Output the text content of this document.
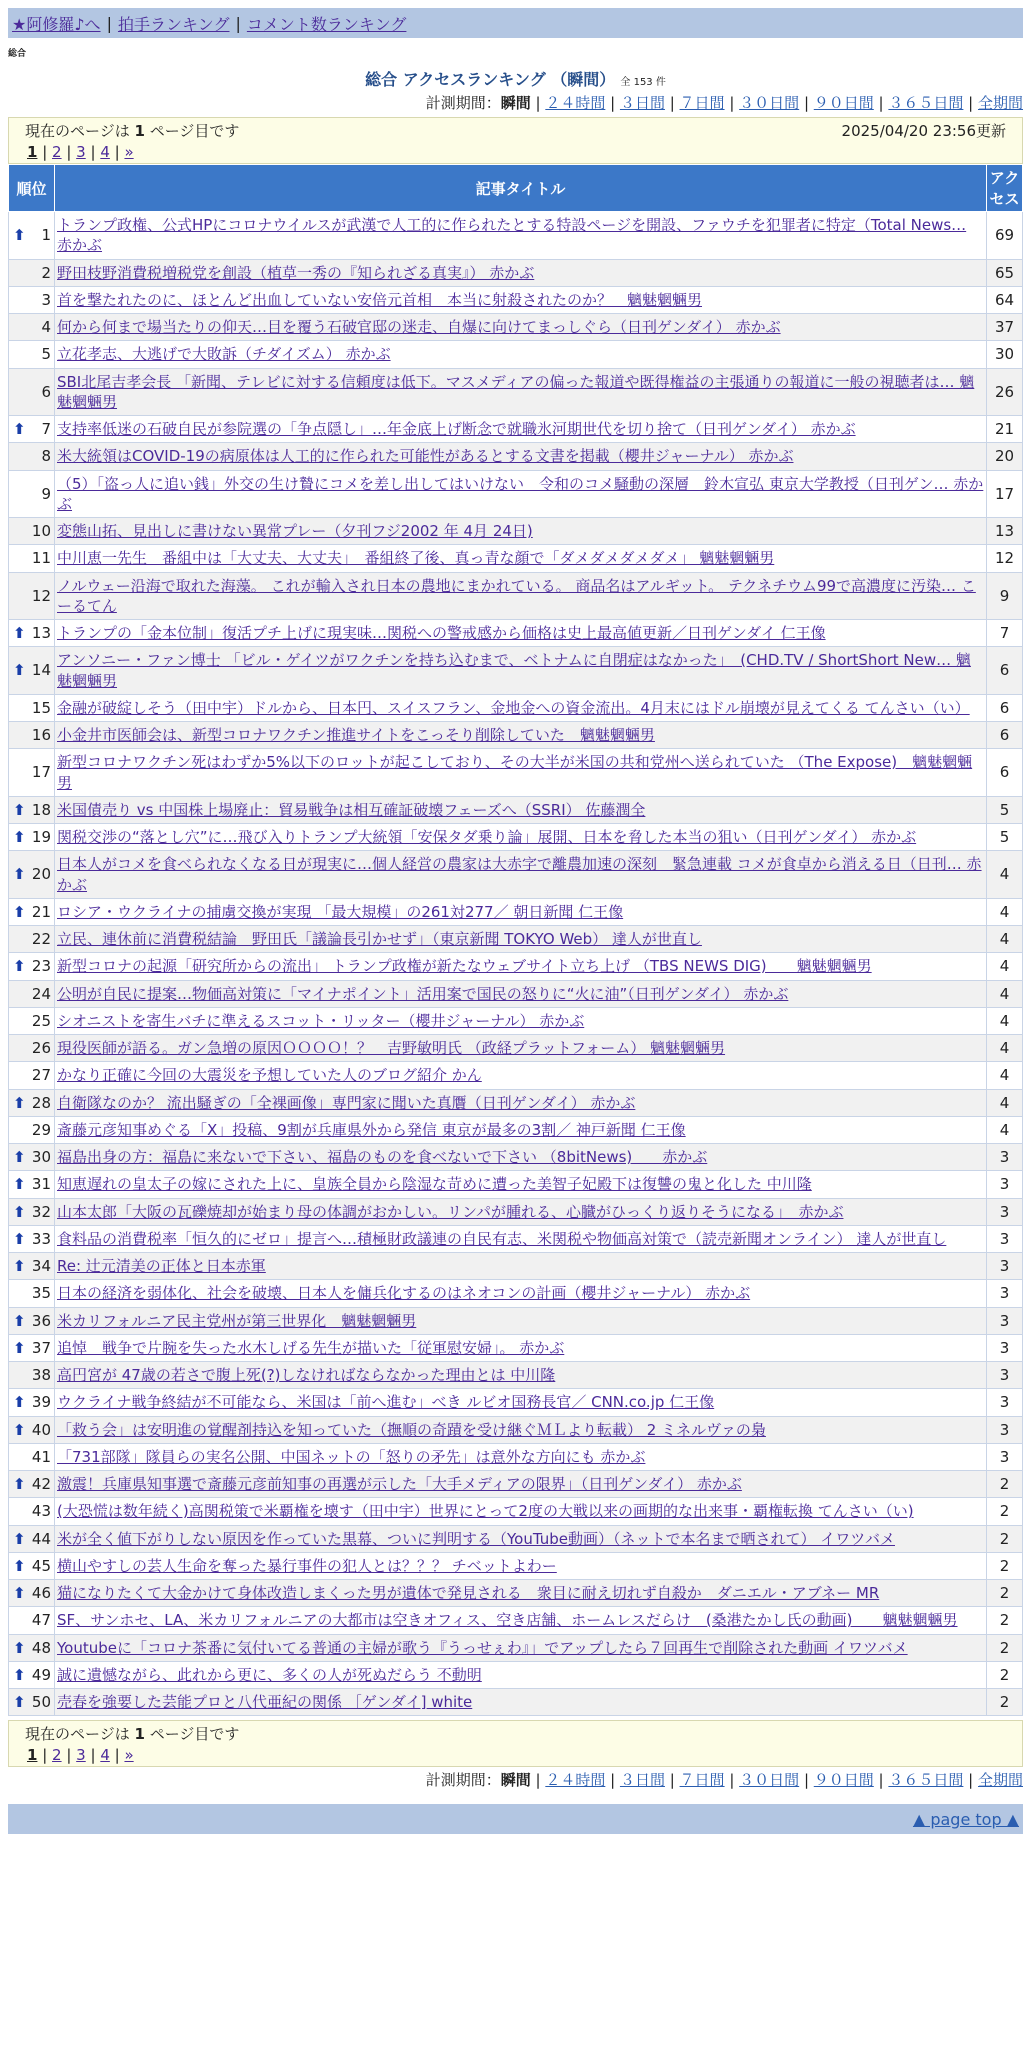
★阿修羅♪へ | 拍手ランキング | コメント数ランキング
総合
総合 アクセスランキング （瞬間） 全 153 件
計測期間：瞬間 | ２４時間 | ３日間 | ７日間 | ３０日間 | ９０日間 | ３６５日間 | 全期間
現在のページは 1 ページ目です	2025/04/20 23:56更新
1 | 2 | 3 | 4 | »
順位	記事タイトル	アクセス

⬆ 1	トランプ政権、公式HPにコロナウイルスが武漢で人工的に作られたとする特設ページを開設、ファウチを犯罪者に特定（Total News… 赤かぶ	69
2	野田枝野消費税増税党を創設（植草一秀の『知られざる真実』） 赤かぶ	65
3	首を撃たれたのに、ほとんど出血していない安倍元首相　本当に射殺されたのか？　魑魅魍魎男	64
4	何から何まで場当たりの仰天…目を覆う石破官邸の迷走、自爆に向けてまっしぐら（日刊ゲンダイ） 赤かぶ	37
5	立花孝志、大逃げで大敗訴（チダイズム） 赤かぶ	30
6	SBI北尾吉孝会長 「新聞、テレビに対する信頼度は低下。マスメディアの偏った報道や既得権益の主張通りの報道に一般の視聴者は… 魑魅魍魎男	26

⬆ 7	支持率低迷の石破自民が参院選の「争点隠し」…年金底上げ断念で就職氷河期世代を切り捨て（日刊ゲンダイ） 赤かぶ	21
8	米大統領はCOVID-19の病原体は人工的に作られた可能性があるとする文書を掲載（櫻井ジャーナル） 赤かぶ	20
9	（5）「盗っ人に追い銭」外交の生け贄にコメを差し出してはいけない　令和のコメ騒動の深層　鈴木宣弘 東京大学教授（日刊ゲン… 赤かぶ	17
10	変態山拓、見出しに書けない異常プレー（夕刊フジ2002 年 4月 24日)	13
11	中川恵一先生　番組中は「大丈夫、大丈夫」　番組終了後、真っ青な顔で「ダメダメダメダメ」 魑魅魍魎男	12
12	ノルウェー沿海で取れた海藻。 これが輸入され日本の農地にまかれている。 商品名はアルギット。 テクネチウム99で高濃度に汚染… こーるてん	9

⬆ 13	トランプの「金本位制」復活プチ上げに現実味…関税への警戒感から価格は史上最高値更新／日刊ゲンダイ 仁王像	7

⬆ 14	アンソニー・ファン博士 「ビル・ゲイツがワクチンを持ち込むまで、ベトナムに自閉症はなかった」　(CHD.TV / ShortShort New… 魑魅魍魎男	6
15	金融が破綻しそう（田中宇）ドルから、日本円、スイスフラン、金地金への資金流出。4月末にはドル崩壊が見えてくる てんさい（い）	6
16	小金井市医師会は、新型コロナワクチン推進サイトをこっそり削除していた　魑魅魍魎男	6
17	新型コロナワクチン死はわずか5%以下のロットが起こしており、その大半が米国の共和党州へ送られていた （The Expose)　魑魅魍魎男	6

⬆ 18	米国債売り vs 中国株上場廃止：貿易戦争は相互確証破壊フェーズへ（SSRI） 佐藤潤全	5

⬆ 19	関税交渉の“落とし穴”に…飛び入りトランプ大統領「安保タダ乗り論」展開、日本を脅した本当の狙い（日刊ゲンダイ） 赤かぶ	5

⬆ 20	日本人がコメを食べられなくなる日が現実に…個人経営の農家は大赤字で離農加速の深刻　緊急連載 コメが食卓から消える日（日刊… 赤かぶ	4

⬆ 21	ロシア・ウクライナの捕虜交換が実現 「最大規模」の261対277／ 朝日新聞 仁王像	4
22	立民、連休前に消費税結論　野田氏「議論長引かせず」（東京新聞 TOKYO Web） 達人が世直し	4

⬆ 23	新型コロナの起源「研究所からの流出」 トランプ政権が新たなウェブサイト立ち上げ （TBS NEWS DIG)　　魑魅魍魎男	4
24	公明が自民に提案…物価高対策に「マイナポイント」活用案で国民の怒りに“火に油”（日刊ゲンダイ） 赤かぶ	4
25	シオニストを寄生バチに準えるスコット・リッター（櫻井ジャーナル） 赤かぶ	4
26	現役医師が語る。ガン急増の原因ＯＯＯＯ！？　吉野敏明氏 （政経プラットフォーム） 魑魅魍魎男	4
27	かなり正確に今回の大震災を予想していた人のブログ紹介 かん	4

⬆ 28	自衛隊なのか？ 流出騒ぎの「全裸画像」専門家に聞いた真贋（日刊ゲンダイ） 赤かぶ	4
29	斎藤元彦知事めぐる「X」投稿、9割が兵庫県外から発信 東京が最多の3割／ 神戸新聞 仁王像	4

⬆ 30	福島出身の方：福島に来ないで下さい、福島のものを食べないで下さい （8bitNews)　　赤かぶ	3

⬆ 31	知恵遅れの皇太子の嫁にされた上に、皇族全員から陰湿な苛めに遭った美智子妃殿下は復讐の鬼と化した 中川隆	3

⬆ 32	山本太郎「大阪の瓦礫焼却が始まり母の体調がおかしい。リンパが腫れる、心臓がひっくり返りそうになる」　赤かぶ	3

⬆ 33	食料品の消費税率「恒久的にゼロ」提言へ…積極財政議連の自民有志、米関税や物価高対策で（読売新聞オンライン） 達人が世直し	3

⬆ 34	Re: 辻元清美の正体と日本赤軍	3
35	日本の経済を弱体化、社会を破壊、日本人を傭兵化するのはネオコンの計画（櫻井ジャーナル） 赤かぶ	3

⬆ 36	米カリフォルニア民主党州が第三世界化　魑魅魍魎男	3

⬆ 37	追悼　戦争で片腕を失った水木しげる先生が描いた「従軍慰安婦」。 赤かぶ	3
38	高円宮が 47歳の若さで腹上死(?)しなければならなかった理由とは 中川隆	3

⬆ 39	ウクライナ戦争終結が不可能なら、米国は「前へ進む」べき ルビオ国務長官／ CNN.co.jp 仁王像	3

⬆ 40	「救う会」は安明進の覚醒剤持込を知っていた（撫順の奇蹟を受け継ぐＭＬより転載） 2 ミネルヴァの梟	3
41	「731部隊」隊員らの実名公開、中国ネットの「怒りの矛先」は意外な方向にも 赤かぶ	3

⬆ 42	激震！兵庫県知事選で斎藤元彦前知事の再選が示した「大手メディアの限界」（日刊ゲンダイ） 赤かぶ	2
43	(大恐慌は数年続く)高関税策で米覇権を壊す（田中宇）世界にとって2度の大戦以来の画期的な出来事・覇権転換 てんさい（い)	2

⬆ 44	米が全く値下がりしない原因を作っていた黒幕、ついに判明する（YouTube動画）（ネットで本名まで晒されて） イワツバメ	2

⬆ 45	横山やすしの芸人生命を奪った暴行事件の犯人とは？？？ チベットよわー	2

⬆ 46	猫になりたくて大金かけて身体改造しまくった男が遺体で発見される　衆目に耐え切れず自殺か　ダニエル・アブネー MR	2
47	SF、サンホセ、LA、米カリフォルニアの大都市は空きオフィス、空き店舗、ホームレスだらけ　(桑港たかし氏の動画)　　魑魅魍魎男	2

⬆ 48	Youtubeに「コロナ茶番に気付いてる普通の主婦が歌う『うっせぇわ』」でアップしたら７回再生で削除された動画 イワツバメ	2

⬆ 49	誠に遺憾ながら、此れから更に、多くの人が死ぬだらう 不動明	2

⬆ 50	売春を強要した芸能プロと八代亜紀の関係 ［ゲンダイ] white	2
現在のページは 1 ページ目です
1 | 2 | 3 | 4 | »
計測期間：瞬間 | ２４時間 | ３日間 | ７日間 | ３０日間 | ９０日間 | ３６５日間 | 全期間
▲ page top ▲
